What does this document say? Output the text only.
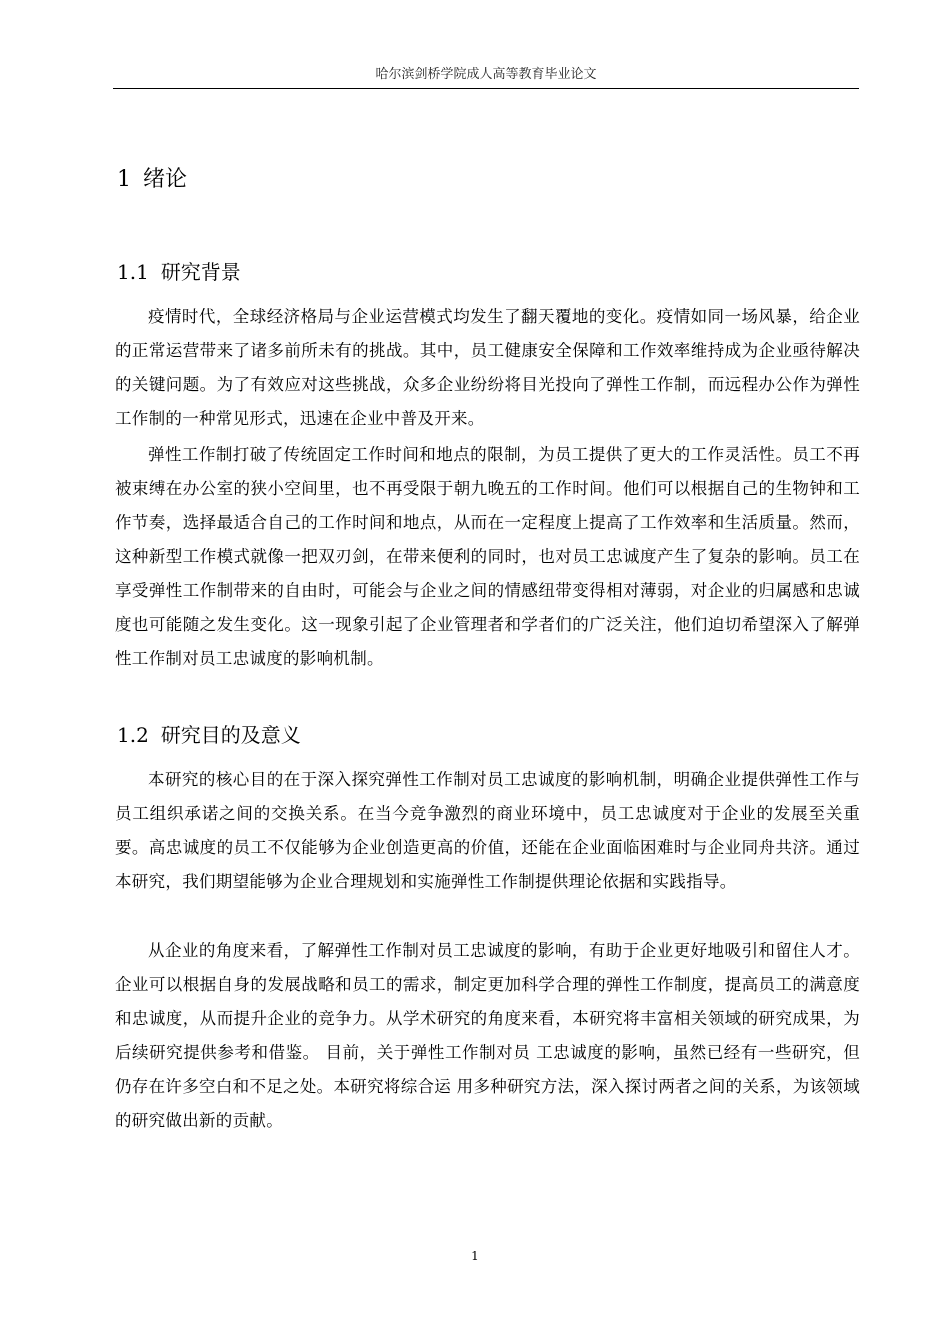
哈尔滨剑桥学院成人高等教育毕业论文
1 绪论
1.1 研究背景

疫情时代，全球经济格局与企业运营模式均发生了翻天覆地的变化。疫情如同一场风暴，给企业的正常运营带来了诸多前所未有的挑战。其中，员工健康安全保障和工作效率维持成为企业亟待解决的关键问题。为了有效应对这些挑战，众多企业纷纷将目光投向了弹性工作制，而远程办公作为弹性工作制的一种常见形式，迅速在企业中普及开来。

弹性工作制打破了传统固定工作时间和地点的限制，为员工提供了更大的工作灵活性。员工不再被束缚在办公室的狭小空间里，也不再受限于朝九晚五的工作时间。他们可以根据自己的生物钟和工作节奏，选择最适合自己的工作时间和地点，从而在一定程度上提高了工作效率和生活质量。然而，这种新型工作模式就像一把双刃剑，在带来便利的同时，也对员工忠诚度产生了复杂的影响。员工在享受弹性工作制带来的自由时，可能会与企业之间的情感纽带变得相对薄弱，对企业的归属感和忠诚度也可能随之发生变化。这一现象引起了企业管理者和学者们的广泛关注，他们迫切希望深入了解弹性工作制对员工忠诚度的影响机制。

1.2 研究目的及意义

本研究的核心目的在于深入探究弹性工作制对员工忠诚度的影响机制，明确企业提供弹性工作与员工组织承诺之间的交换关系。在当今竞争激烈的商业环境中，员工忠诚度对于企业的发展至关重要。高忠诚度的员工不仅能够为企业创造更高的价值，还能在企业面临困难时与企业同舟共济。通过本研究，我们期望能够为企业合理规划和实施弹性工作制提供理论依据和实践指导。

从企业的角度来看，了解弹性工作制对员工忠诚度的影响，有助于企业更好地吸引和留住人才。企业可以根据自身的发展战略和员工的需求，制定更加科学合理的弹性工作制度，提高员工的满意度和忠诚度，从而提升企业的竞争力。从学术研究的角度来看，本研究将丰富相关领域的研究成果，为后续研究提供参考和借鉴。 目前，关于弹性工作制对员 工忠诚度的影响，虽然已经有一些研究，但仍存在许多空白和不足之处。本研究将综合运 用多种研究方法，深入探讨两者之间的关系，为该领域的研究做出新的贡献。

1
